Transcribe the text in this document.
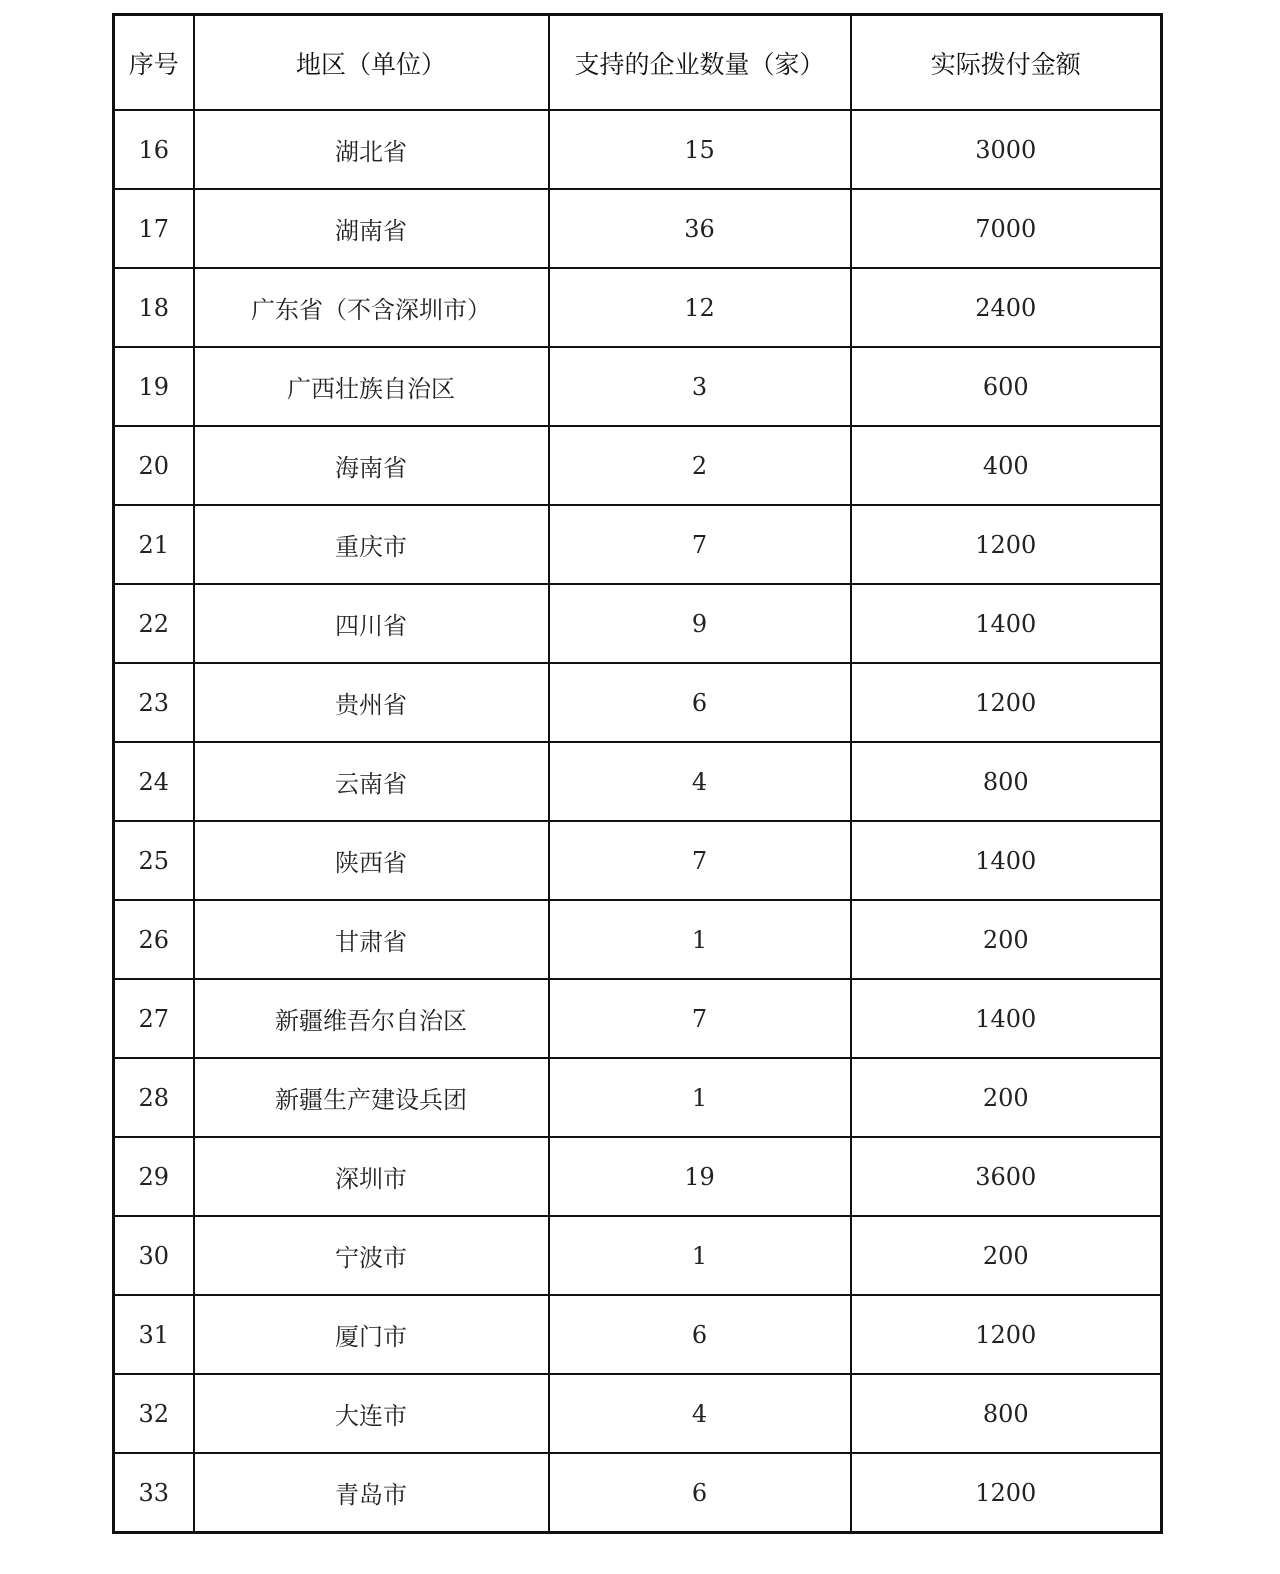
序号	地区（单位）	支持的企业数量（家）	实际拨付金额
16	湖北省	15	3000
17	湖南省	36	7000
18	广东省（不含深圳市）	12	2400
19	广西壮族自治区	3	600
20	海南省	2	400
21	重庆市	7	1200
22	四川省	9	1400
23	贵州省	6	1200
24	云南省	4	800
25	陕西省	7	1400
26	甘肃省	1	200
27	新疆维吾尔自治区	7	1400
28	新疆生产建设兵团	1	200
29	深圳市	19	3600
30	宁波市	1	200
31	厦门市	6	1200
32	大连市	4	800
33	青岛市	6	1200
